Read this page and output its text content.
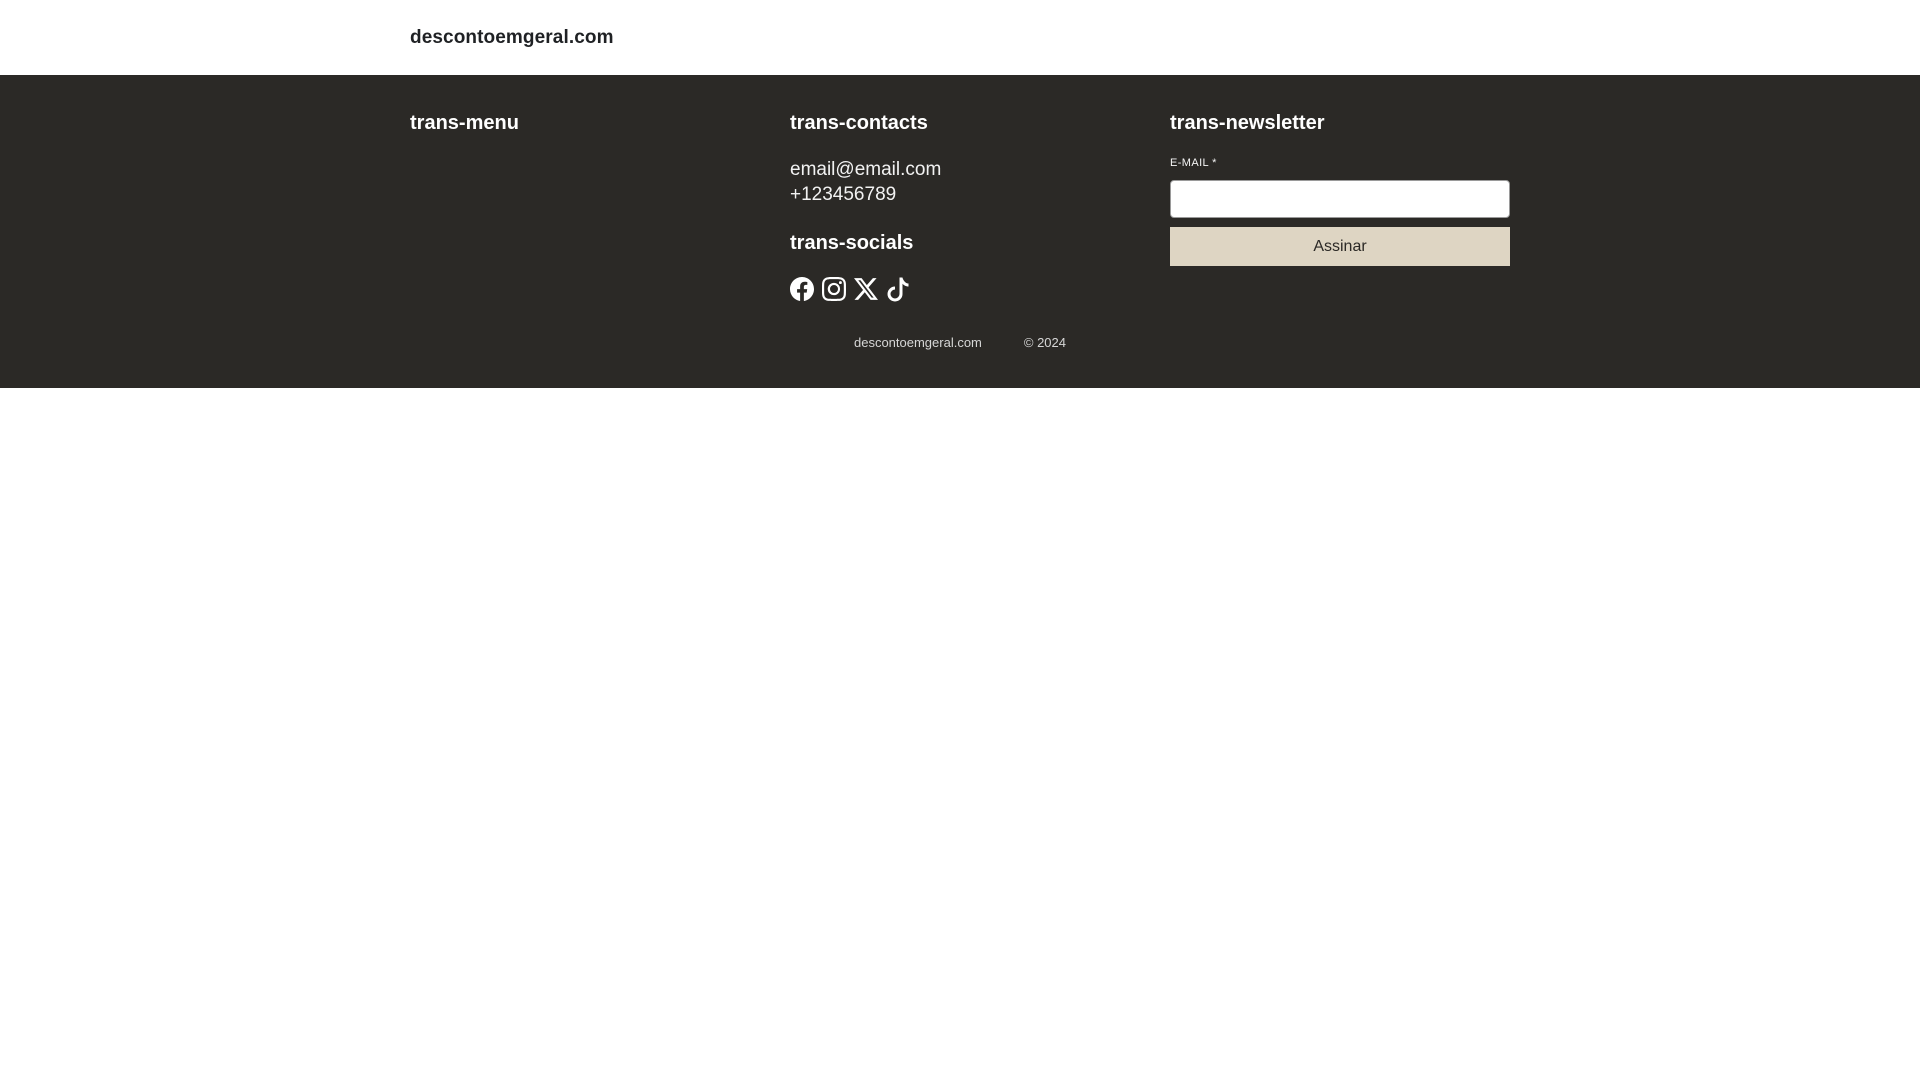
descontoemgeral.com
trans-menu	trans-contacts
email@email.com
+123456789
trans-socials
trans-newsletter
E-MAIL *
Assinar
descontoemgeral.com	© 2024
